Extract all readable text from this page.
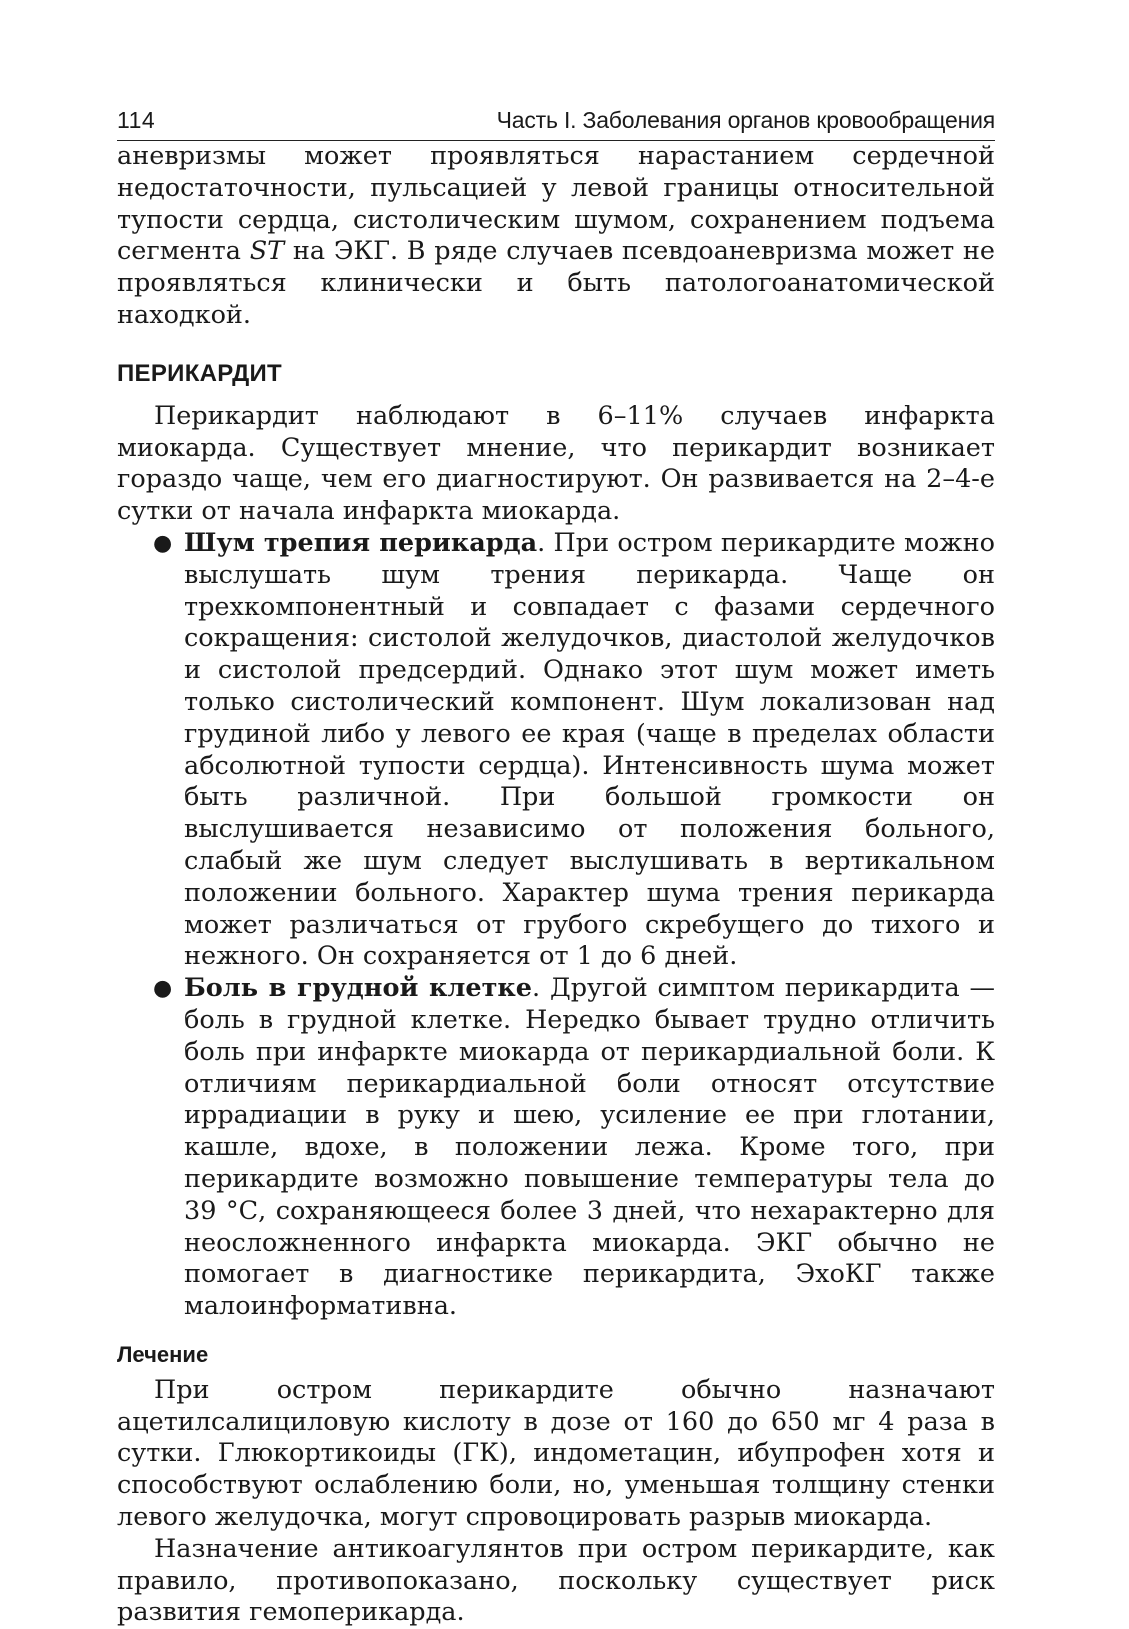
114	Часть I. Заболевания органов кровообращения

аневризмы может проявляться нарастанием сердечной недостаточности, пульсацией у левой границы относительной тупости сердца, систолическим шумом, сохранением подъема сегмента ST на ЭКГ. В ряде случаев псевдоаневризма может не проявляться клинически и быть патологоанатомической находкой.

ПЕРИКАРДИТ

Перикардит наблюдают в 6–11% случаев инфаркта миокарда. Существует мнение, что перикардит возникает гораздо чаще, чем его диагностируют. Он развивается на 2–4-е сутки от начала инфаркта миокарда.

● Шум трепия перикарда. При остром перикардите можно выслушать шум трения перикарда. Чаще он трехкомпонентный и совпадает с фазами сердечного сокращения: систолой желудочков, диастолой желудочков и систолой предсердий. Однако этот шум может иметь только систолический компонент. Шум локализован над грудиной либо у левого ее края (чаще в пределах области абсолютной тупости сердца). Интенсивность шума может быть различной. При большой громкости он выслушивается независимо от положения больного, слабый же шум следует выслушивать в вертикальном положении больного. Характер шума трения перикарда может различаться от грубого скребущего до тихого и нежного. Он сохраняется от 1 до 6 дней.
● Боль в грудной клетке. Другой симптом перикардита — боль в грудной клетке. Нередко бывает трудно отличить боль при инфаркте миокарда от перикардиальной боли. К отличиям перикардиальной боли относят отсутствие иррадиации в руку и шею, усиление ее при глотании, кашле, вдохе, в положении лежа. Кроме того, при перикардите возможно повышение температуры тела до 39 °С, сохраняющееся более 3 дней, что нехарактерно для неосложненного инфаркта миокарда. ЭКГ обычно не помогает в диагностике перикардита, ЭхоКГ также малоинформативна.
Лечение

При остром перикардите обычно назначают ацетилсалициловую кислоту в дозе от 160 до 650 мг 4 раза в сутки. Глюкортикоиды (ГК), индометацин, ибупрофен хотя и способствуют ослаблению боли, но, уменьшая толщину стенки левого желудочка, могут спровоцировать разрыв миокарда.

Назначение антикоагулянтов при остром перикардите, как правило, противопоказано, поскольку существует риск развития гемоперикарда.
